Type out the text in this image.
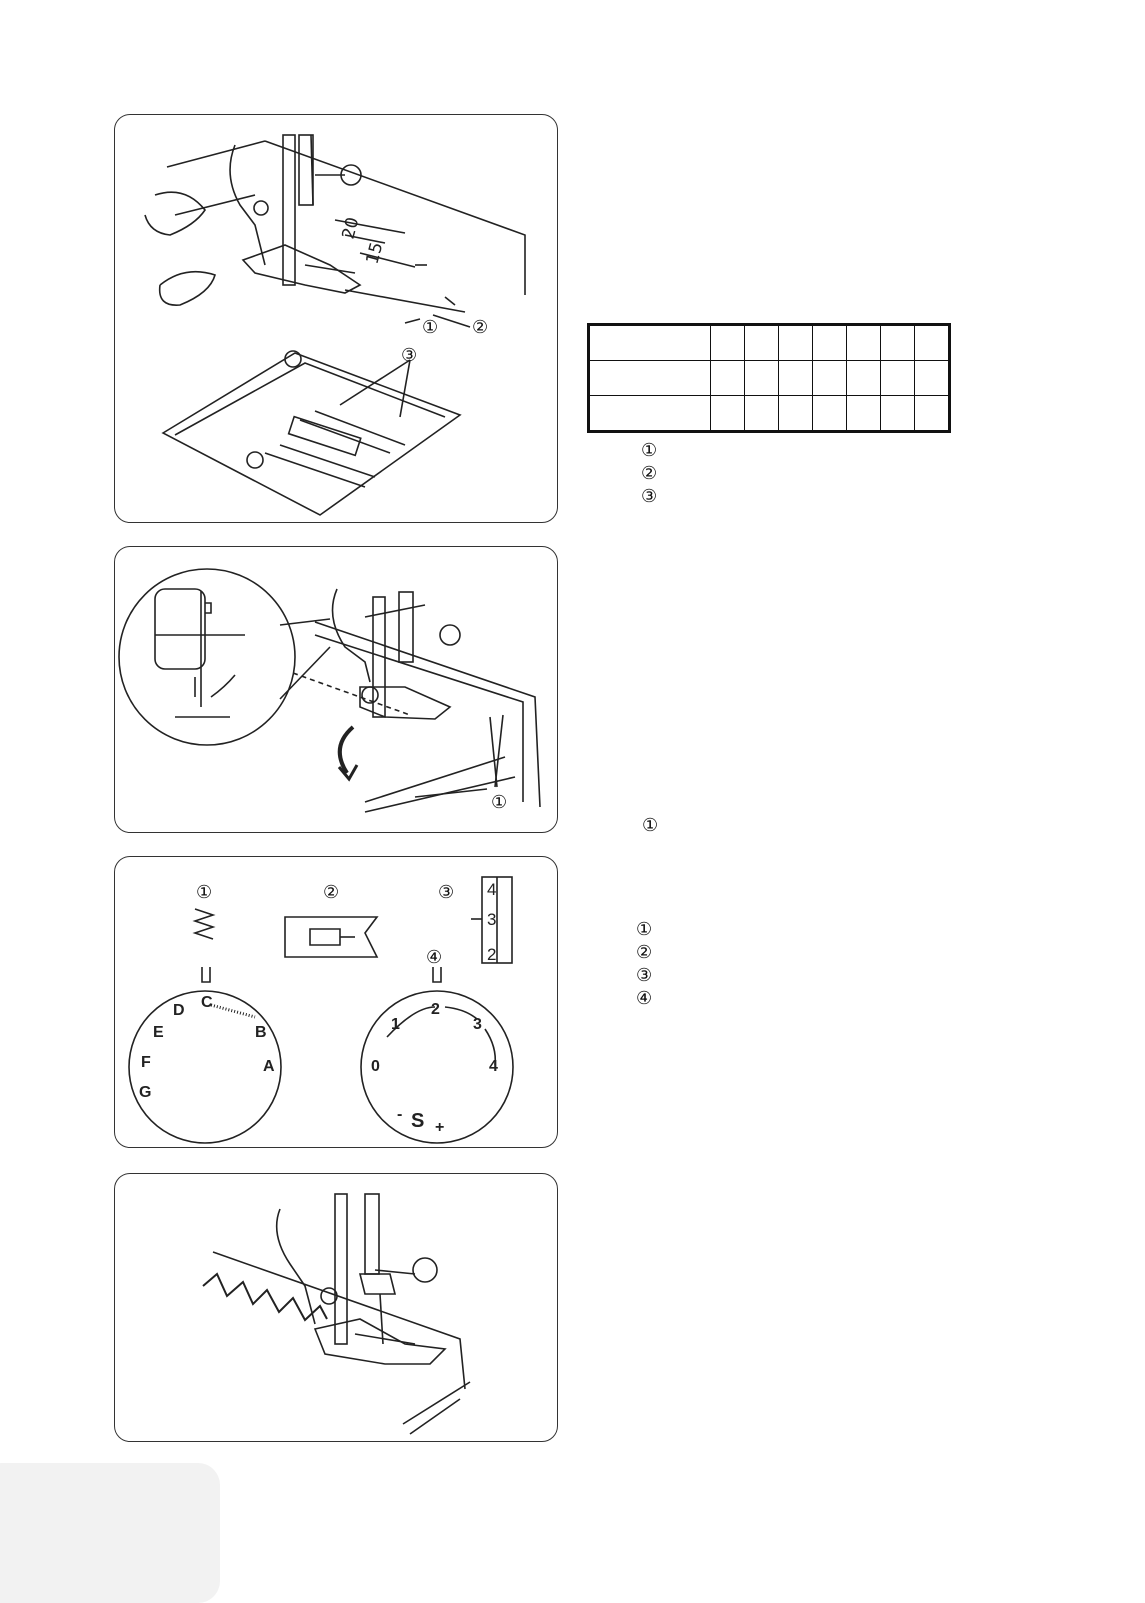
20
15
① ②
③

①
②
③
①
①
C
D
E
F
G
B
A
2
3
4
1
0
S
-
+
4
3
2
①	②	③
④
①
②
③
④
